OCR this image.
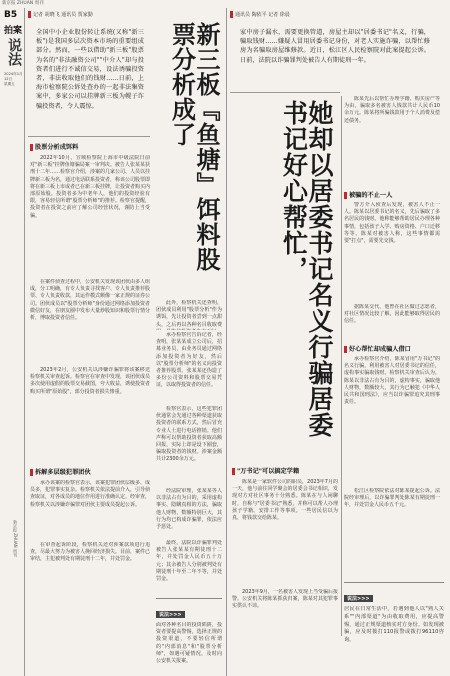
新京报 ZHUAN 周刊
B5
拍案
说法
2024年1月12日
星期五
新京报 ZHUAN 周刊
记者 胡晓飞 通讯员 贾家勤
全国中小企业股份转让系统(又称"新三板")是我国多层次资本市场的重要组成部分。然而，一些以借助"新三板"股票为名的"非法融资公司""中介人"却与投资者们进行不诚信交易，设法诱骗投资者，非法收取他们的钱财……日前，上海市检察院公诉处查办的一起非法集资案中，多家公司以挂牌新三板为幌子诈骗投资者，令人震惊。	新三板『鱼塘』饵料股票分析成了
股票分析成饵料
2022年10月，宣城检察院上海市中级法院日前对"新三板"挂牌鱼塘骗局案一审判决。被告人张某某获刑十二年……检察官介绍，涉案的几家公司、人员以挂牌新三板为名，通过电话联系投资者，称该公司股票即将在新三板上市或者已在新三板挂牌，让投资者购买内部原始股。投资者多为中老年人，他们的投资经验有限，容易轻信所谓"股票分析师"的推荐。检察官提醒，投资者在投资之前应了解公司经营状况，谨防上当受骗。
在案件侦查过程中，公安机关发现该团伙由多人组成，分工明确，有专人负责寻找客户、专人负责推荐股票、专人负责收款，其运作模式颇像一家正规的证券公司。团伙成员以"股票分析师"身份通过网络添加投资者微信好友，在朋友圈中发布大量炒股知识和股票行情分析，博取投资者信任。
2023年2月，公安机关以涉嫌诈骗罪将该案移送检察机关审查起诉。检察官在审查中发现，该团伙成员多次使用虚假的股票交易截图，夸大收益，诱使投资者购买所谓"原始股"，部分投资者损失惨重。
拆解多层级犯罪团伙
承办该案的检察官表示，该案犯罪团伙层级多、成员多，犯罪事实复杂。检察机关依法提前介入，引导侦查取证，对各成员的地位作用进行准确认定。经审查，检察机关以涉嫌诈骗罪对团伙主要成员提起公诉。
在审查起诉阶段，检察机关还对涉案款项进行追查，尽最大努力为被害人挽回经济损失。目前，案件已审结，主犯被判处有期徒刑十二年，并处罚金。
此外，检察机关还查明，团伙成员利用"股票分析"作为诱饵，先让投资者尝到一点甜头，之后再以各种名目收取费
承办检察官告诉记者，经查明，张某某成立公司后，招募业务员，由业务员通过网络添加投资者为好友，然后以"股票分析师"的名义向投资者推荐股票。张某某还伪造了多份公司资料和股票交易凭证，以取得投资者的信任。
检察官表示，这些犯罪团伙通常会先通过各种渠道获取投资者的联系方式，然后冒充专业人士进行电话推销。他们声称可以帮助投资者获取高额回报，实际上却是设下圈套，骗取投资者的钱财。涉案金额共计2300余万元。
经法院审理，张某某等人以非法占有为目的，采用虚构事实、隐瞒真相的方法，骗取他人财物，数额特别巨大，其行为均已构成诈骗罪，依法应予惩处。
最终，法院以诈骗罪判处被告人张某某有期徒刑十二年，并处罚金人民币五十万元；其余被告人分别被判处有期徒刑十年至二年不等，并处罚金。
说法>>>
面对各种名目的投资陷阱，投资者要提高警惕，选择正规的投资渠道，不要轻信所谓的"内部消息"和"股票分析师"，如遇可疑情况，及时向公安机关报案。
通讯员 陶依平 记者 徐晨
家中房子漏水，需要更换管道，房屋主却以"居委书记"名义，行骗，骗取钱财……嫌疑人冒用居委书记身份，对老人实施诈骗，以帮忙修房为名骗取房屋维修款。近日，松江区人民检察院对此案提起公诉。日前，法院以诈骗罪判处被告人有期徒刑一年。
她却以居委书记名义行骗居委书记好心帮忙，
陈某先后以帮忙办理学籍、购买房产等为由，骗取多名被害人钱款共计人民币10余万元。陈某将所骗钱款用于个人消费及偿还债务。
被骗的不止一人
警方介入侦查后发现，被害人不止一人。陈某以居委书记的名义，先后骗取了多名居民的钱财。他称能够帮助居民办理各种事情，包括孩子入学、购房资格、户口迁移等等。陈某对被害人称，这些事情都需要"打点"，需要先交钱。
据陈某交代，他曾在社区做过志愿者，对社区情况比较了解，因此能够取得居民的信任。
好心帮忙却成骗人借口
承办检察官介绍，陈某冒用"万书记"的名义行骗，利用被害人对居委书记的信任，虚构事实骗取钱财。检察机关审查后认为，陈某以非法占有为目的，虚构事实，骗取他人财物，数额较大，其行为已触犯《中华人民共和国刑法》，应当以诈骗罪追究其刑事责任。
松江区检察院依法对陈某提起公诉。法院经审理后，以诈骗罪判处陈某有期徒刑一年，并处罚金人民币五千元。
"万书记"可以搞定学籍
陈某是一家软件公司的职员，2023年7月的一天，他与前往同学聚会的居委会书记相识，发现对方对社区事务十分熟悉。陈某在与人闲聊时，自称与"居委书记"熟悉，并称可以帮人办理孩子学籍、安排工作等事项。一些居民信以为真，将钱款交给陈某。
2023年9月，一名被害人发现上当受骗后报警。公安机关将陈某抓获归案，陈某对其犯罪事实供认不讳。
说法>>>
居民在日常生活中，若遇到他人以"熟人关系""内部渠道"为由收取费用，应提高警惕，通过正规渠道核实对方身份。如发现被骗，应及时拨打110报警或拨打96110咨询。
